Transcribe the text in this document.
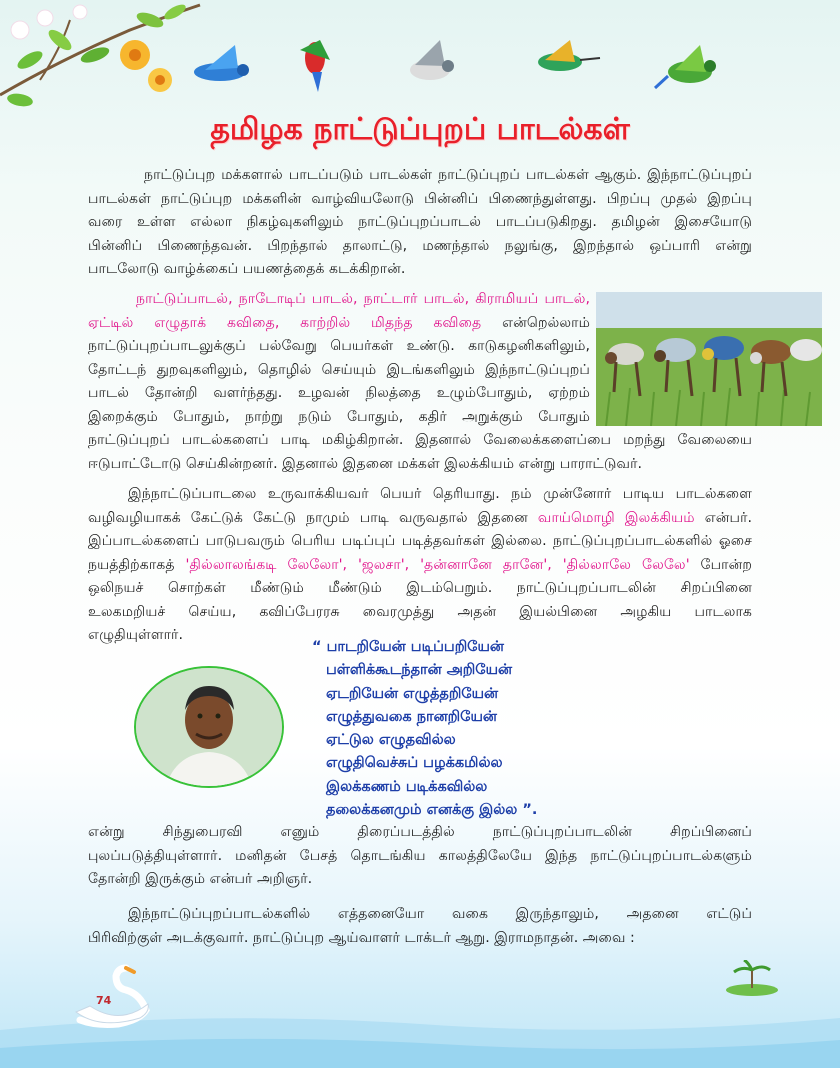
தமிழக நாட்டுப்புறப் பாடல்கள்
நாட்டுப்புற மக்களால் பாடப்படும் பாடல்கள் நாட்டுப்புறப் பாடல்கள் ஆகும். இந்நாட்டுப்புறப்
பாடல்கள் நாட்டுப்புற மக்களின் வாழ்வியலோடு பின்னிப் பிணைந்துள்ளது. பிறப்பு முதல் இறப்பு
வரை உள்ள எல்லா நிகழ்வுகளிலும் நாட்டுப்புறப்பாடல் பாடப்படுகிறது. தமிழன் இசையோடு
பின்னிப் பிணைந்தவன். பிறந்தால் தாலாட்டு, மணந்தால் நலுங்கு, இறந்தால் ஒப்பாரி என்று
பாடலோடு வாழ்க்கைப் பயணத்தைக் கடக்கிறான்.
நாட்டுப்பாடல், நாடோடிப் பாடல், நாட்டார் பாடல், கிராமியப் பாடல்,
ஏட்டில் எழுதாக் கவிதை, காற்றில் மிதந்த கவிதை என்றெல்லாம்
நாட்டுப்புறப்பாடலுக்குப் பல்வேறு பெயர்கள் உண்டு. காடுகழனிகளிலும்,
தோட்டந் துறவுகளிலும், தொழில் செய்யும் இடங்களிலும் இந்நாட்டுப்புறப்
பாடல் தோன்றி வளர்ந்தது. உழவன் நிலத்தை உழும்போதும், ஏற்றம்
இறைக்கும் போதும், நாற்று நடும் போதும், கதிர் அறுக்கும் போதும்
நாட்டுப்புறப் பாடல்களைப் பாடி மகிழ்கிறான். இதனால் வேலைக்களைப்பை மறந்து வேலையை
ஈடுபாட்டோடு செய்கின்றனர். இதனால் இதனை மக்கள் இலக்கியம் என்று பாராட்டுவர்.
இந்நாட்டுப்பாடலை உருவாக்கியவர் பெயர் தெரியாது. நம் முன்னோர் பாடிய பாடல்களை
வழிவழியாகக் கேட்டுக் கேட்டு நாமும் பாடி வருவதால் இதனை வாய்மொழி இலக்கியம் என்பர்.
இப்பாடல்களைப் பாடுபவரும் பெரிய படிப்புப் படித்தவர்கள் இல்லை. நாட்டுப்புறப்பாடல்களில் ஓசை
நயத்திற்காகத் 'தில்லாலங்கடி லேலோ', 'ஜலசா', 'தன்னானே தானே', 'தில்லாலே லேலே' போன்ற
ஒலிநயச் சொற்கள் மீண்டும் மீண்டும் இடம்பெறும். நாட்டுப்புறப்பாடலின் சிறப்பினை
உலகமறியச் செய்ய, கவிப்பேரரசு வைரமுத்து அதன் இயல்பினை அழகிய பாடலாக
எழுதியுள்ளார்.
“ பாடறியேன் படிப்பறியேன்
பள்ளிக்கூடந்தான் அறியேன்
ஏடறியேன் எழுத்தறியேன்
எழுத்துவகை நானறியேன்
ஏட்டுல எழுதவில்ல
எழுதிவெச்சுப் பழக்கமில்ல
இலக்கணம் படிக்கவில்ல
தலைக்கனமும் எனக்கு இல்ல ”.
என்று சிந்துபைரவி எனும் திரைப்படத்தில் நாட்டுப்புறப்பாடலின் சிறப்பினைப்
புலப்படுத்தியுள்ளார். மனிதன் பேசத் தொடங்கிய காலத்திலேயே இந்த நாட்டுப்புறப்பாடல்களும்
தோன்றி இருக்கும் என்பர் அறிஞர்.
இந்நாட்டுப்புறப்பாடல்களில் எத்தனையோ வகை இருந்தாலும், அதனை எட்டுப்
பிரிவிற்குள் அடக்குவார். நாட்டுப்புற ஆய்வாளர் டாக்டர் ஆறு. இராமநாதன். அவை :
74
